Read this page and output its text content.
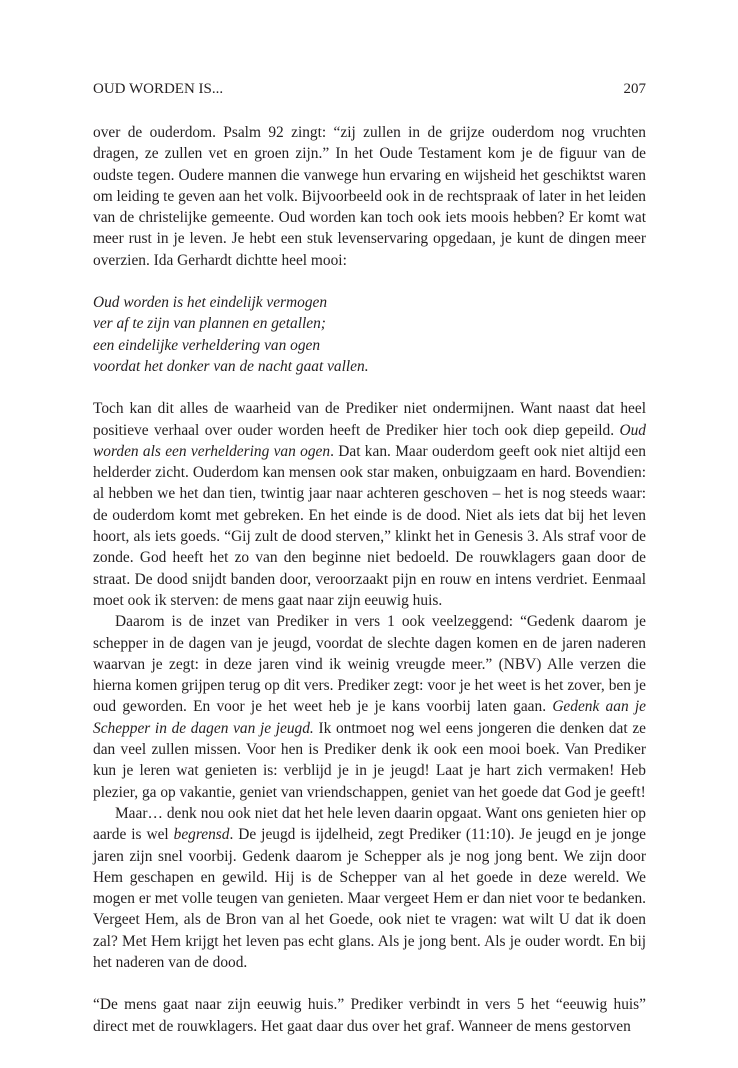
OUD WORDEN IS...	207

over de ouderdom. Psalm 92 zingt: “zij zullen in de grijze ouderdom nog vruchten dragen, ze zullen vet en groen zijn.” In het Oude Testament kom je de figuur van de oudste tegen. Oudere mannen die vanwege hun ervaring en wijsheid het geschiktst waren om leiding te geven aan het volk. Bijvoorbeeld ook in de rechtspraak of later in het leiden van de christelijke gemeente. Oud worden kan toch ook iets moois hebben? Er komt wat meer rust in je leven. Je hebt een stuk levenservaring opgedaan, je kunt de dingen meer overzien. Ida Gerhardt dichtte heel mooi:

Oud worden is het eindelijk vermogen
ver af te zijn van plannen en getallen;
een eindelijke verheldering van ogen
voordat het donker van de nacht gaat vallen.

Toch kan dit alles de waarheid van de Prediker niet ondermijnen. Want naast dat heel positieve verhaal over ouder worden heeft de Prediker hier toch ook diep gepeild. Oud worden als een verheldering van ogen. Dat kan. Maar ouderdom geeft ook niet altijd een helderder zicht. Ouderdom kan mensen ook star maken, onbuigzaam en hard. Bovendien: al hebben we het dan tien, twintig jaar naar achteren geschoven – het is nog steeds waar: de ouderdom komt met gebreken. En het einde is de dood. Niet als iets dat bij het leven hoort, als iets goeds. “Gij zult de dood sterven,” klinkt het in Genesis 3. Als straf voor de zonde. God heeft het zo van den beginne niet bedoeld. De rouwklagers gaan door de straat. De dood snijdt banden door, veroorzaakt pijn en rouw en intens verdriet. Eenmaal moet ook ik sterven: de mens gaat naar zijn eeuwig huis.

Daarom is de inzet van Prediker in vers 1 ook veelzeggend: “Gedenk daarom je schepper in de dagen van je jeugd, voordat de slechte dagen komen en de jaren naderen waarvan je zegt: in deze jaren vind ik weinig vreugde meer.” (NBV) Alle verzen die hierna komen grijpen terug op dit vers. Prediker zegt: voor je het weet is het zover, ben je oud geworden. En voor je het weet heb je je kans voorbij laten gaan. Gedenk aan je Schepper in de dagen van je jeugd. Ik ontmoet nog wel eens jongeren die denken dat ze dan veel zullen missen. Voor hen is Prediker denk ik ook een mooi boek. Van Prediker kun je leren wat genieten is: verblijd je in je jeugd! Laat je hart zich vermaken! Heb plezier, ga op vakantie, geniet van vriendschappen, geniet van het goede dat God je geeft!

Maar… denk nou ook niet dat het hele leven daarin opgaat. Want ons genieten hier op aarde is wel begrensd. De jeugd is ijdelheid, zegt Prediker (11:10). Je jeugd en je jonge jaren zijn snel voorbij. Gedenk daarom je Schepper als je nog jong bent. We zijn door Hem geschapen en gewild. Hij is de Schepper van al het goede in deze wereld. We mogen er met volle teugen van genieten. Maar vergeet Hem er dan niet voor te bedanken. Vergeet Hem, als de Bron van al het Goede, ook niet te vragen: wat wilt U dat ik doen zal? Met Hem krijgt het leven pas echt glans. Als je jong bent. Als je ouder wordt. En bij het naderen van de dood.

“De mens gaat naar zijn eeuwig huis.” Prediker verbindt in vers 5 het “eeuwig huis” direct met de rouwklagers. Het gaat daar dus over het graf. Wanneer de mens gestorven
